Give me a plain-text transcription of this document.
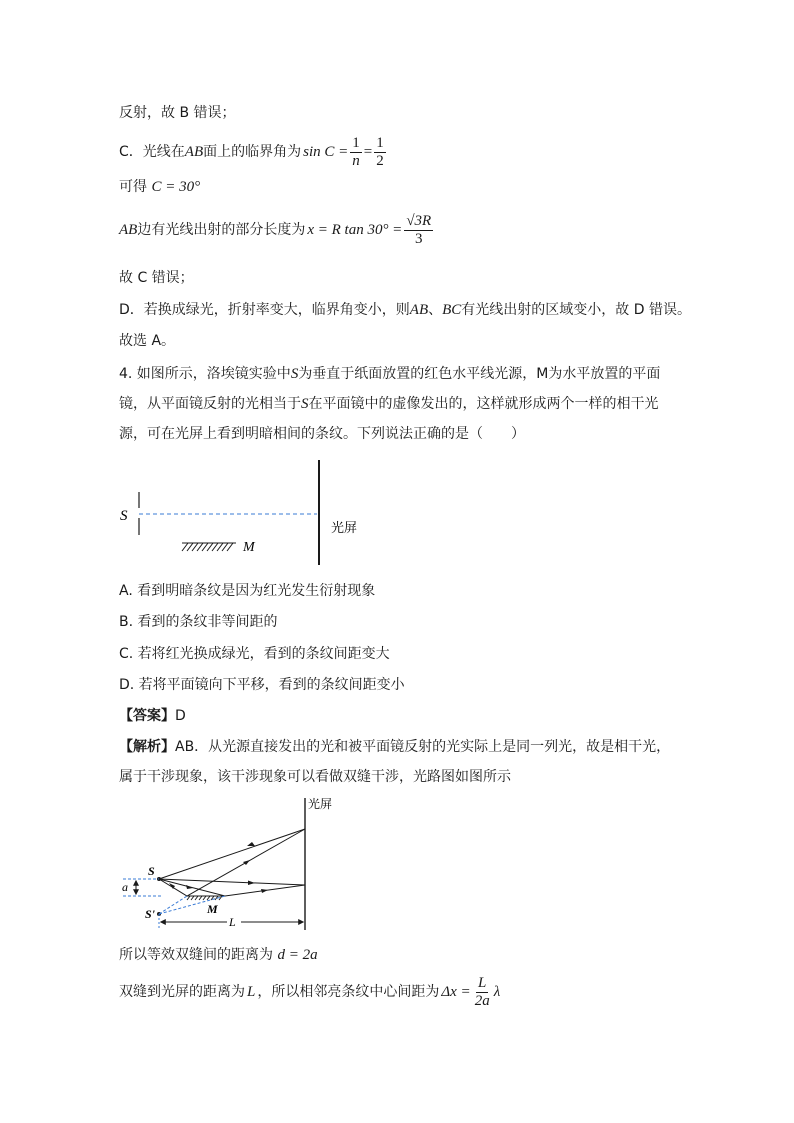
反射，故 B 错误；
C．光线在 AB 面上的临界角为 $\sin C = \frac{1}{n} = \frac{1}{2}$
可得 C = 30°
AB 边有光线出射的部分长度为 x = R $\tan 30^\circ = \frac{√3R}{3}$
故 C 错误；
D．若换成绿光，折射率变大，临界角变小，则AB、BC有光线出射的区域变小，故 D 错误。
故选 A。
4. 如图所示，洛埃镜实验中S为垂直于纸面放置的红色水平线光源，M为水平放置的平面
镜，从平面镜反射的光相当于S在平面镜中的虚像发出的，这样就形成两个一样的相干光
源，可在光屏上看到明暗相间的条纹。下列说法正确的是（　　）
S
M
光屏
A. 看到明暗条纹是因为红光发生衍射现象
B. 看到的条纹非等间距的
C. 若将红光换成绿光，看到的条纹间距变大
D. 若将平面镜向下平移，看到的条纹间距变小
【答案】D
【解析】AB．从光源直接发出的光和被平面镜反射的光实际上是同一列光，故是相干光，
属于干涉现象，该干涉现象可以看做双缝干涉，光路图如图所示
光屏
S
S'
a
M
L
所以等效双缝间的距离为 d = 2a
双缝到光屏的距离为 L ，所以相邻亮条纹中心间距为 $\Delta x = \frac{L}{2a}$ λ
